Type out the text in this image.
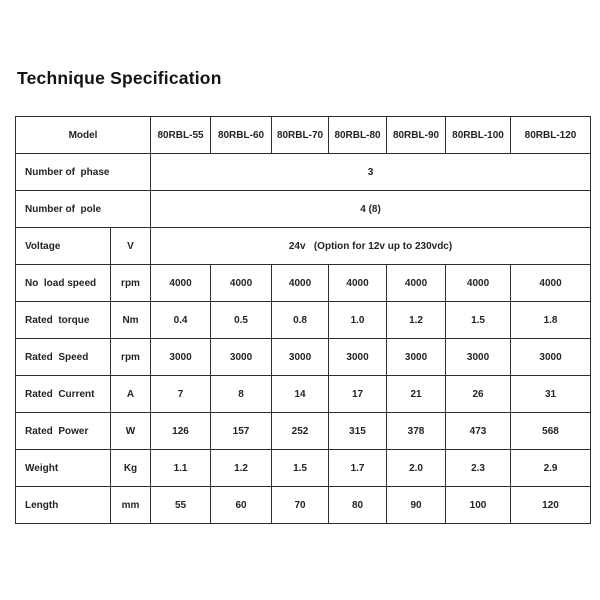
Technique Specification
Model		80RBL-55	80RBL-60	80RBL-70	80RBL-80	80RBL-90	80RBL-100	80RBL-120
Number of  phase		3						
Number of  pole		4 (8)						
Voltage	V	24v   (Option for 12v up to 230vdc)						
No  load speed	rpm	4000	4000	4000	4000	4000	4000	4000
Rated  torque	Nm	0.4	0.5	0.8	1.0	1.2	1.5	1.8
Rated  Speed	rpm	3000	3000	3000	3000	3000	3000	3000
Rated  Current	A	7	8	14	17	21	26	31
Rated  Power	W	126	157	252	315	378	473	568
Weight	Kg	1.1	1.2	1.5	1.7	2.0	2.3	2.9
Length	mm	55	60	70	80	90	100	120
